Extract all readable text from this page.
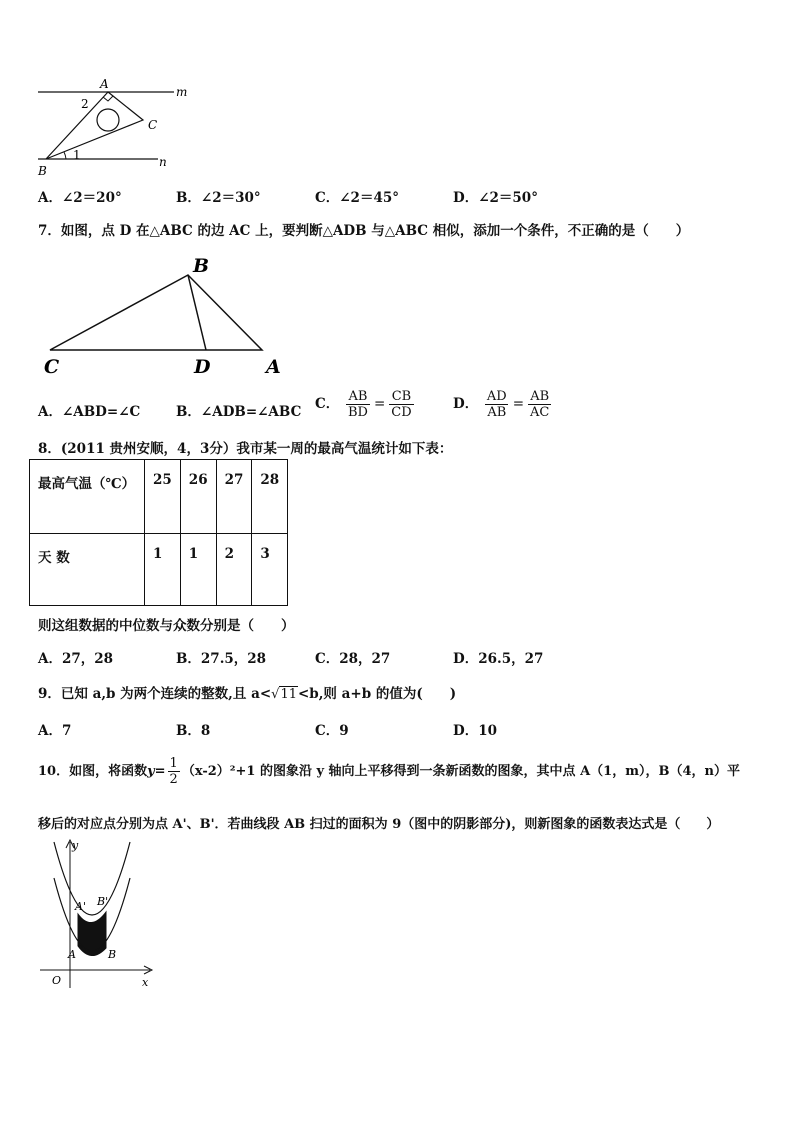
A
m
2
C
1	n
B
A．∠2＝20°	B．∠2＝30°	C．∠2＝45°	D．∠2＝50°
7．如图，点 D 在△ABC 的边 AC 上，要判断△ADB 与△ABC 相似，添加一个条件，不正确的是（　　）
B
C	D	A
A．∠ABD=∠C	B．∠ADB=∠ABC C． $\frac{AB}{BD} = \frac{CB}{CD}$	D． $\frac{AD}{AB} = \frac{AB}{AC}$
8．(2011 贵州安顺，4，3分）我市某一周的最高气温统计如下表：
最高气温（℃）	25	26	27	28
天 数	1	1	2	3
则这组数据的中位数与众数分别是（　　）
A．27，28	B．27.5，28	C．28，27	D．26.5，27
9．已知 a,b 为两个连续的整数,且 a<√11<b,则 a+b 的值为(　　)
A．7	B．8	C．9	D．10
10．如图，将函数$y= \frac{1}{2} (x-2)^2+1$ 的图象沿 y 轴向上平移得到一条新函数的图象，其中点 A（1，m），B（4，n）平
移后的对应点分别为点 A'、B'．若曲线段 AB 扫过的面积为 9（图中的阴影部分)，则新图象的函数表达式是（　　）
y
x
O
A' B'
A	B
